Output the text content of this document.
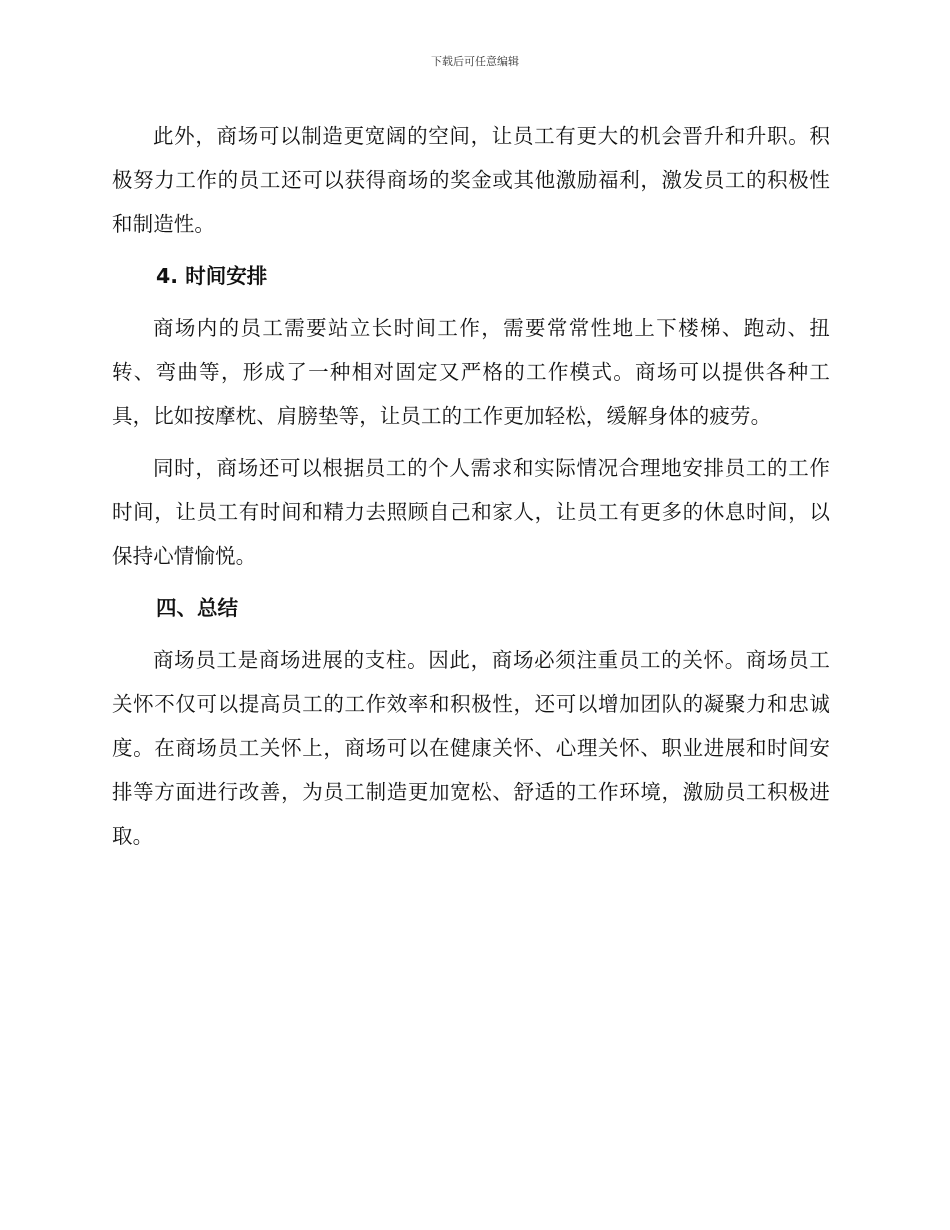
下载后可任意编辑

此外，商场可以制造更宽阔的空间，让员工有更大的机会晋升和升职。积极努力工作的员工还可以获得商场的奖金或其他激励福利，激发员工的积极性和制造性。

4. 时间安排

商场内的员工需要站立长时间工作，需要常常性地上下楼梯、跑动、扭转、弯曲等，形成了一种相对固定又严格的工作模式。商场可以提供各种工具，比如按摩枕、肩膀垫等，让员工的工作更加轻松，缓解身体的疲劳。

同时，商场还可以根据员工的个人需求和实际情况合理地安排员工的工作时间，让员工有时间和精力去照顾自己和家人，让员工有更多的休息时间，以保持心情愉悦。

四、总结

商场员工是商场进展的支柱。因此，商场必须注重员工的关怀。商场员工关怀不仅可以提高员工的工作效率和积极性，还可以增加团队的凝聚力和忠诚度。在商场员工关怀上，商场可以在健康关怀、心理关怀、职业进展和时间安排等方面进行改善，为员工制造更加宽松、舒适的工作环境，激励员工积极进取。
